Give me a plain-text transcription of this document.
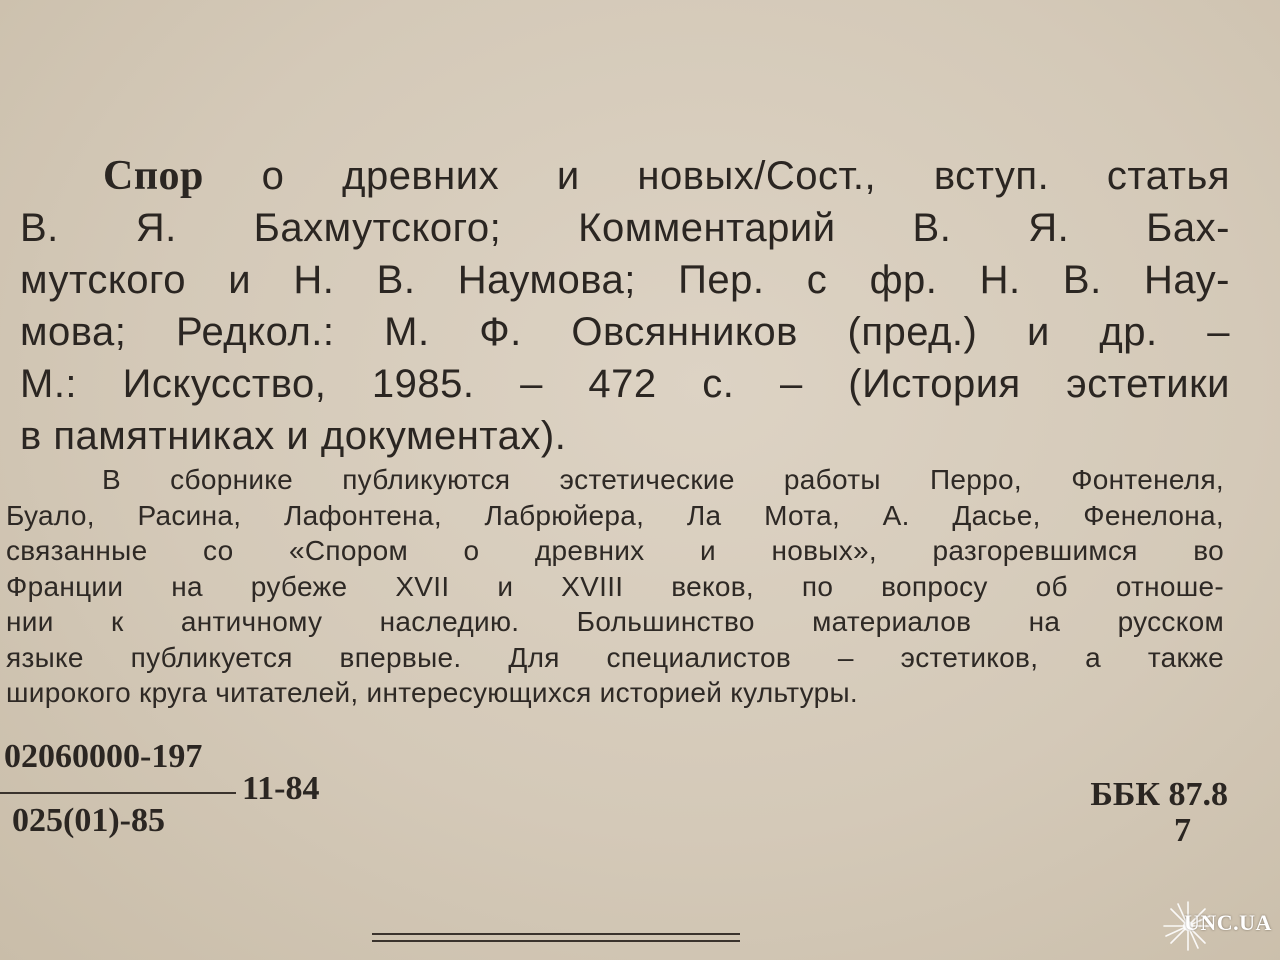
Спор о древних и новых/Сост., вступ. статья
В. Я. Бахмутского; Комментарий В. Я. Бах-
мутского и Н. В. Наумова; Пер. с фр. Н. В. Нау-
мова; Редкол.: М. Ф. Овсянников (пред.) и др. –
М.: Искусство, 1985. – 472 с. – (История эстетики
в памятниках и документах).
В сборнике публикуются эстетические работы Перро, Фонтенеля,
Буало, Расина, Лафонтена, Лабрюйера, Ла Мота, А. Дасье, Фенелона,
связанные со «Спором о древних и новых», разгоревшимся во
Франции на рубеже XVII и XVIII веков, по вопросу об отноше-
нии к античному наследию. Большинство материалов на русском
языке публикуется впервые. Для специалистов – эстетиков, а также
широкого круга читателей, интересующихся историей культуры.
02060000-197
11-84
025(01)-85
ББК 87.8
7
UNC.UA
